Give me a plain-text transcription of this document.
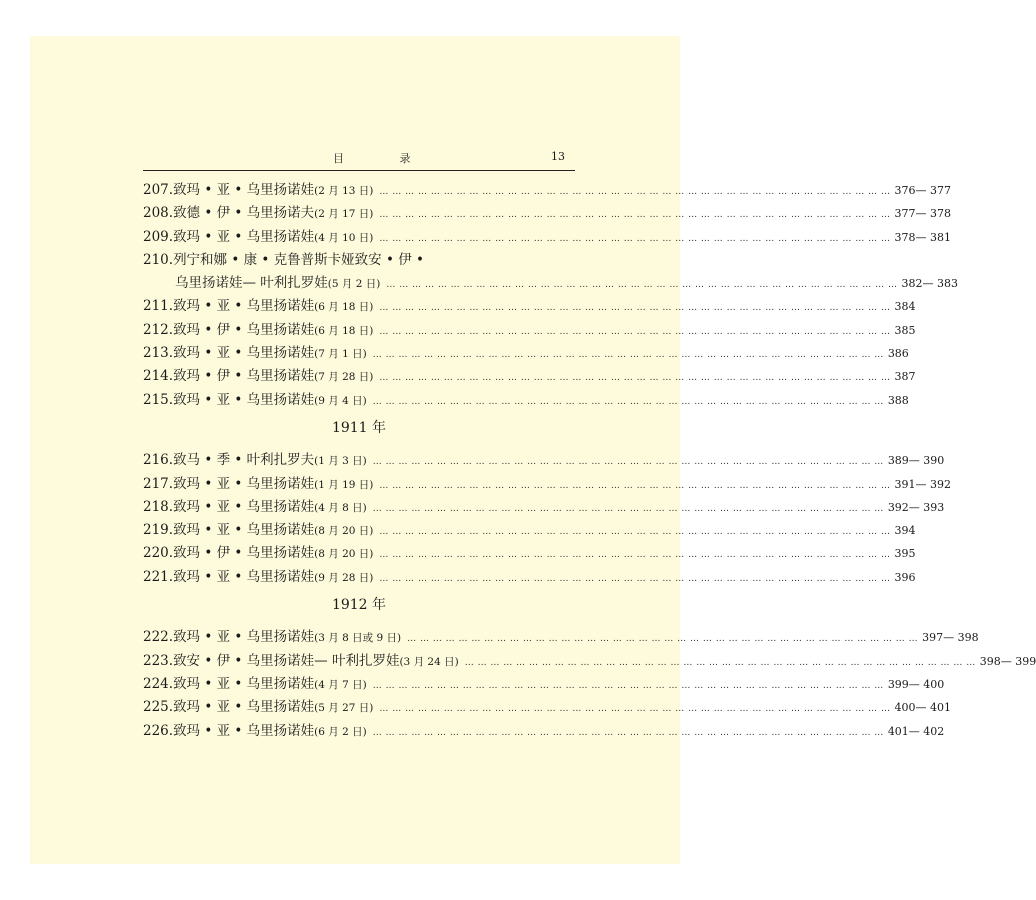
目 录	13
207.致玛 • 亚 • 乌里扬诺娃(2 月 13 日) … … … … … … … … … … … … … … … … … … … … … … … … … … … … … … … … … … … … … … … … 376— 377
208.致德 • 伊 • 乌里扬诺夫(2 月 17 日) … … … … … … … … … … … … … … … … … … … … … … … … … … … … … … … … … … … … … … … … 377— 378
209.致玛 • 亚 • 乌里扬诺娃(4 月 10 日) … … … … … … … … … … … … … … … … … … … … … … … … … … … … … … … … … … … … … … … … 378— 381
210.列宁和娜 • 康 • 克鲁普斯卡娅致安 • 伊 •
乌里扬诺娃— 叶利扎罗娃(5 月 2 日) … … … … … … … … … … … … … … … … … … … … … … … … … … … … … … … … … … … … … … … … 382— 383
211.致玛 • 亚 • 乌里扬诺娃(6 月 18 日) … … … … … … … … … … … … … … … … … … … … … … … … … … … … … … … … … … … … … … … … 384
212.致玛 • 伊 • 乌里扬诺娃(6 月 18 日) … … … … … … … … … … … … … … … … … … … … … … … … … … … … … … … … … … … … … … … … 385
213.致玛 • 亚 • 乌里扬诺娃(7 月 1 日) … … … … … … … … … … … … … … … … … … … … … … … … … … … … … … … … … … … … … … … … 386
214.致玛 • 伊 • 乌里扬诺娃(7 月 28 日) … … … … … … … … … … … … … … … … … … … … … … … … … … … … … … … … … … … … … … … … 387
215.致玛 • 亚 • 乌里扬诺娃(9 月 4 日) … … … … … … … … … … … … … … … … … … … … … … … … … … … … … … … … … … … … … … … … 388
1911 年
216.致马 • 季 • 叶利扎罗夫(1 月 3 日) … … … … … … … … … … … … … … … … … … … … … … … … … … … … … … … … … … … … … … … … 389— 390
217.致玛 • 亚 • 乌里扬诺娃(1 月 19 日) … … … … … … … … … … … … … … … … … … … … … … … … … … … … … … … … … … … … … … … … 391— 392
218.致玛 • 亚 • 乌里扬诺娃(4 月 8 日) … … … … … … … … … … … … … … … … … … … … … … … … … … … … … … … … … … … … … … … … 392— 393
219.致玛 • 亚 • 乌里扬诺娃(8 月 20 日) … … … … … … … … … … … … … … … … … … … … … … … … … … … … … … … … … … … … … … … … 394
220.致玛 • 伊 • 乌里扬诺娃(8 月 20 日) … … … … … … … … … … … … … … … … … … … … … … … … … … … … … … … … … … … … … … … … 395
221.致玛 • 亚 • 乌里扬诺娃(9 月 28 日) … … … … … … … … … … … … … … … … … … … … … … … … … … … … … … … … … … … … … … … … 396
1912 年
222.致玛 • 亚 • 乌里扬诺娃(3 月 8 日或 9 日) … … … … … … … … … … … … … … … … … … … … … … … … … … … … … … … … … … … … … … … … 397— 398
223.致安 • 伊 • 乌里扬诺娃— 叶利扎罗娃(3 月 24 日) … … … … … … … … … … … … … … … … … … … … … … … … … … … … … … … … … … … … … … … … 398— 399
224.致玛 • 亚 • 乌里扬诺娃(4 月 7 日) … … … … … … … … … … … … … … … … … … … … … … … … … … … … … … … … … … … … … … … … 399— 400
225.致玛 • 亚 • 乌里扬诺娃(5 月 27 日) … … … … … … … … … … … … … … … … … … … … … … … … … … … … … … … … … … … … … … … … 400— 401
226.致玛 • 亚 • 乌里扬诺娃(6 月 2 日) … … … … … … … … … … … … … … … … … … … … … … … … … … … … … … … … … … … … … … … … 401— 402
